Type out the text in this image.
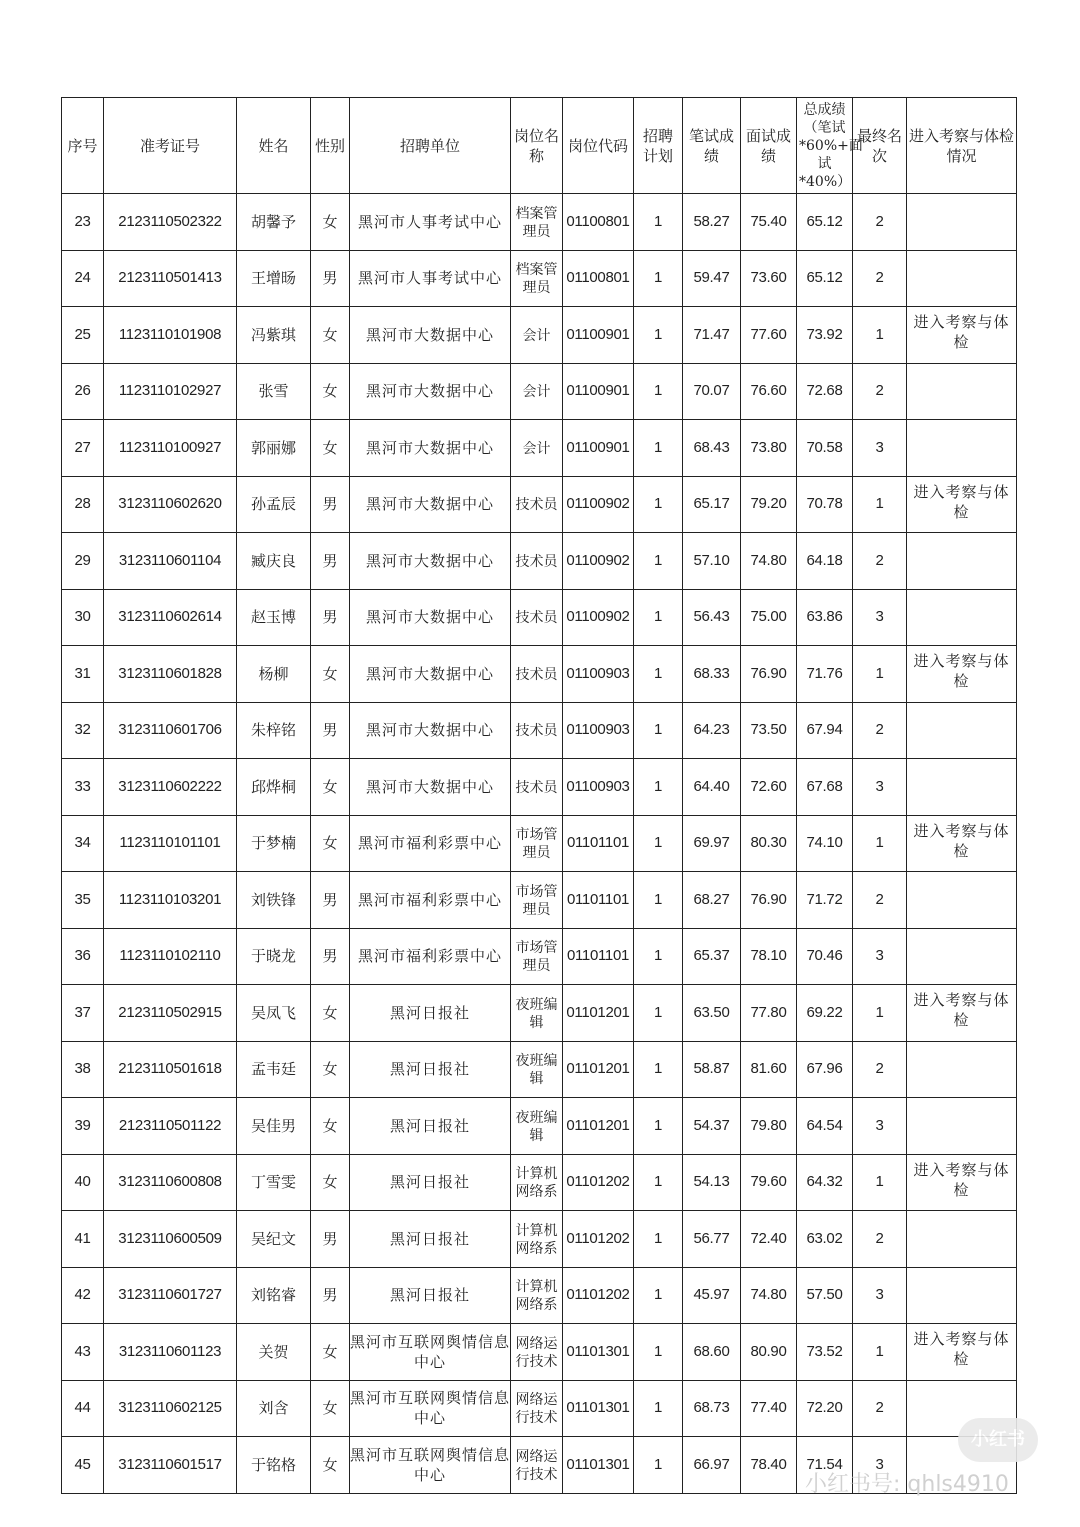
序号	准考证号	姓名	性别	招聘单位	岗位名称	岗位代码	招聘计划	笔试成绩	面试成绩	总成绩（笔试*60%+面试*40%）	最终名次	进入考察与体检情况

23	2123110502322	胡馨予	女	黑河市人事考试中心	档案管理员	01100801	1	58.27	75.40	65.12	2	
24	2123110501413	王增旸	男	黑河市人事考试中心	档案管理员	01100801	1	59.47	73.60	65.12	2	
25	1123110101908	冯紫琪	女	黑河市大数据中心	会计	01100901	1	71.47	77.60	73.92	1	进入考察与体检
26	1123110102927	张雪	女	黑河市大数据中心	会计	01100901	1	70.07	76.60	72.68	2	
27	1123110100927	郭丽娜	女	黑河市大数据中心	会计	01100901	1	68.43	73.80	70.58	3	
28	3123110602620	孙孟辰	男	黑河市大数据中心	技术员	01100902	1	65.17	79.20	70.78	1	进入考察与体检
29	3123110601104	臧庆良	男	黑河市大数据中心	技术员	01100902	1	57.10	74.80	64.18	2	
30	3123110602614	赵玉博	男	黑河市大数据中心	技术员	01100902	1	56.43	75.00	63.86	3	
31	3123110601828	杨柳	女	黑河市大数据中心	技术员	01100903	1	68.33	76.90	71.76	1	进入考察与体检
32	3123110601706	朱梓铭	男	黑河市大数据中心	技术员	01100903	1	64.23	73.50	67.94	2	
33	3123110602222	邱烨桐	女	黑河市大数据中心	技术员	01100903	1	64.40	72.60	67.68	3	
34	1123110101101	于梦楠	女	黑河市福利彩票中心	市场管理员	01101101	1	69.97	80.30	74.10	1	进入考察与体检
35	1123110103201	刘铁锋	男	黑河市福利彩票中心	市场管理员	01101101	1	68.27	76.90	71.72	2	
36	1123110102110	于晓龙	男	黑河市福利彩票中心	市场管理员	01101101	1	65.37	78.10	70.46	3	
37	2123110502915	吴凤飞	女	黑河日报社	夜班编辑	01101201	1	63.50	77.80	69.22	1	进入考察与体检
38	2123110501618	孟韦廷	女	黑河日报社	夜班编辑	01101201	1	58.87	81.60	67.96	2	
39	2123110501122	吴佳男	女	黑河日报社	夜班编辑	01101201	1	54.37	79.80	64.54	3	
40	3123110600808	丁雪雯	女	黑河日报社	计算机网络系	01101202	1	54.13	79.60	64.32	1	进入考察与体检
41	3123110600509	吴纪文	男	黑河日报社	计算机网络系	01101202	1	56.77	72.40	63.02	2	
42	3123110601727	刘铭睿	男	黑河日报社	计算机网络系	01101202	1	45.97	74.80	57.50	3	
43	3123110601123	关贺	女	黑河市互联网舆情信息中心	网络运行技术	01101301	1	68.60	80.90	73.52	1	进入考察与体检
44	3123110602125	刘含	女	黑河市互联网舆情信息中心	网络运行技术	01101301	1	68.73	77.40	72.20	2	
45	3123110601517	于铭格	女	黑河市互联网舆情信息中心	网络运行技术	01101301	1	66.97	78.40	71.54	3	
小红书
小红书号: qhls4910
